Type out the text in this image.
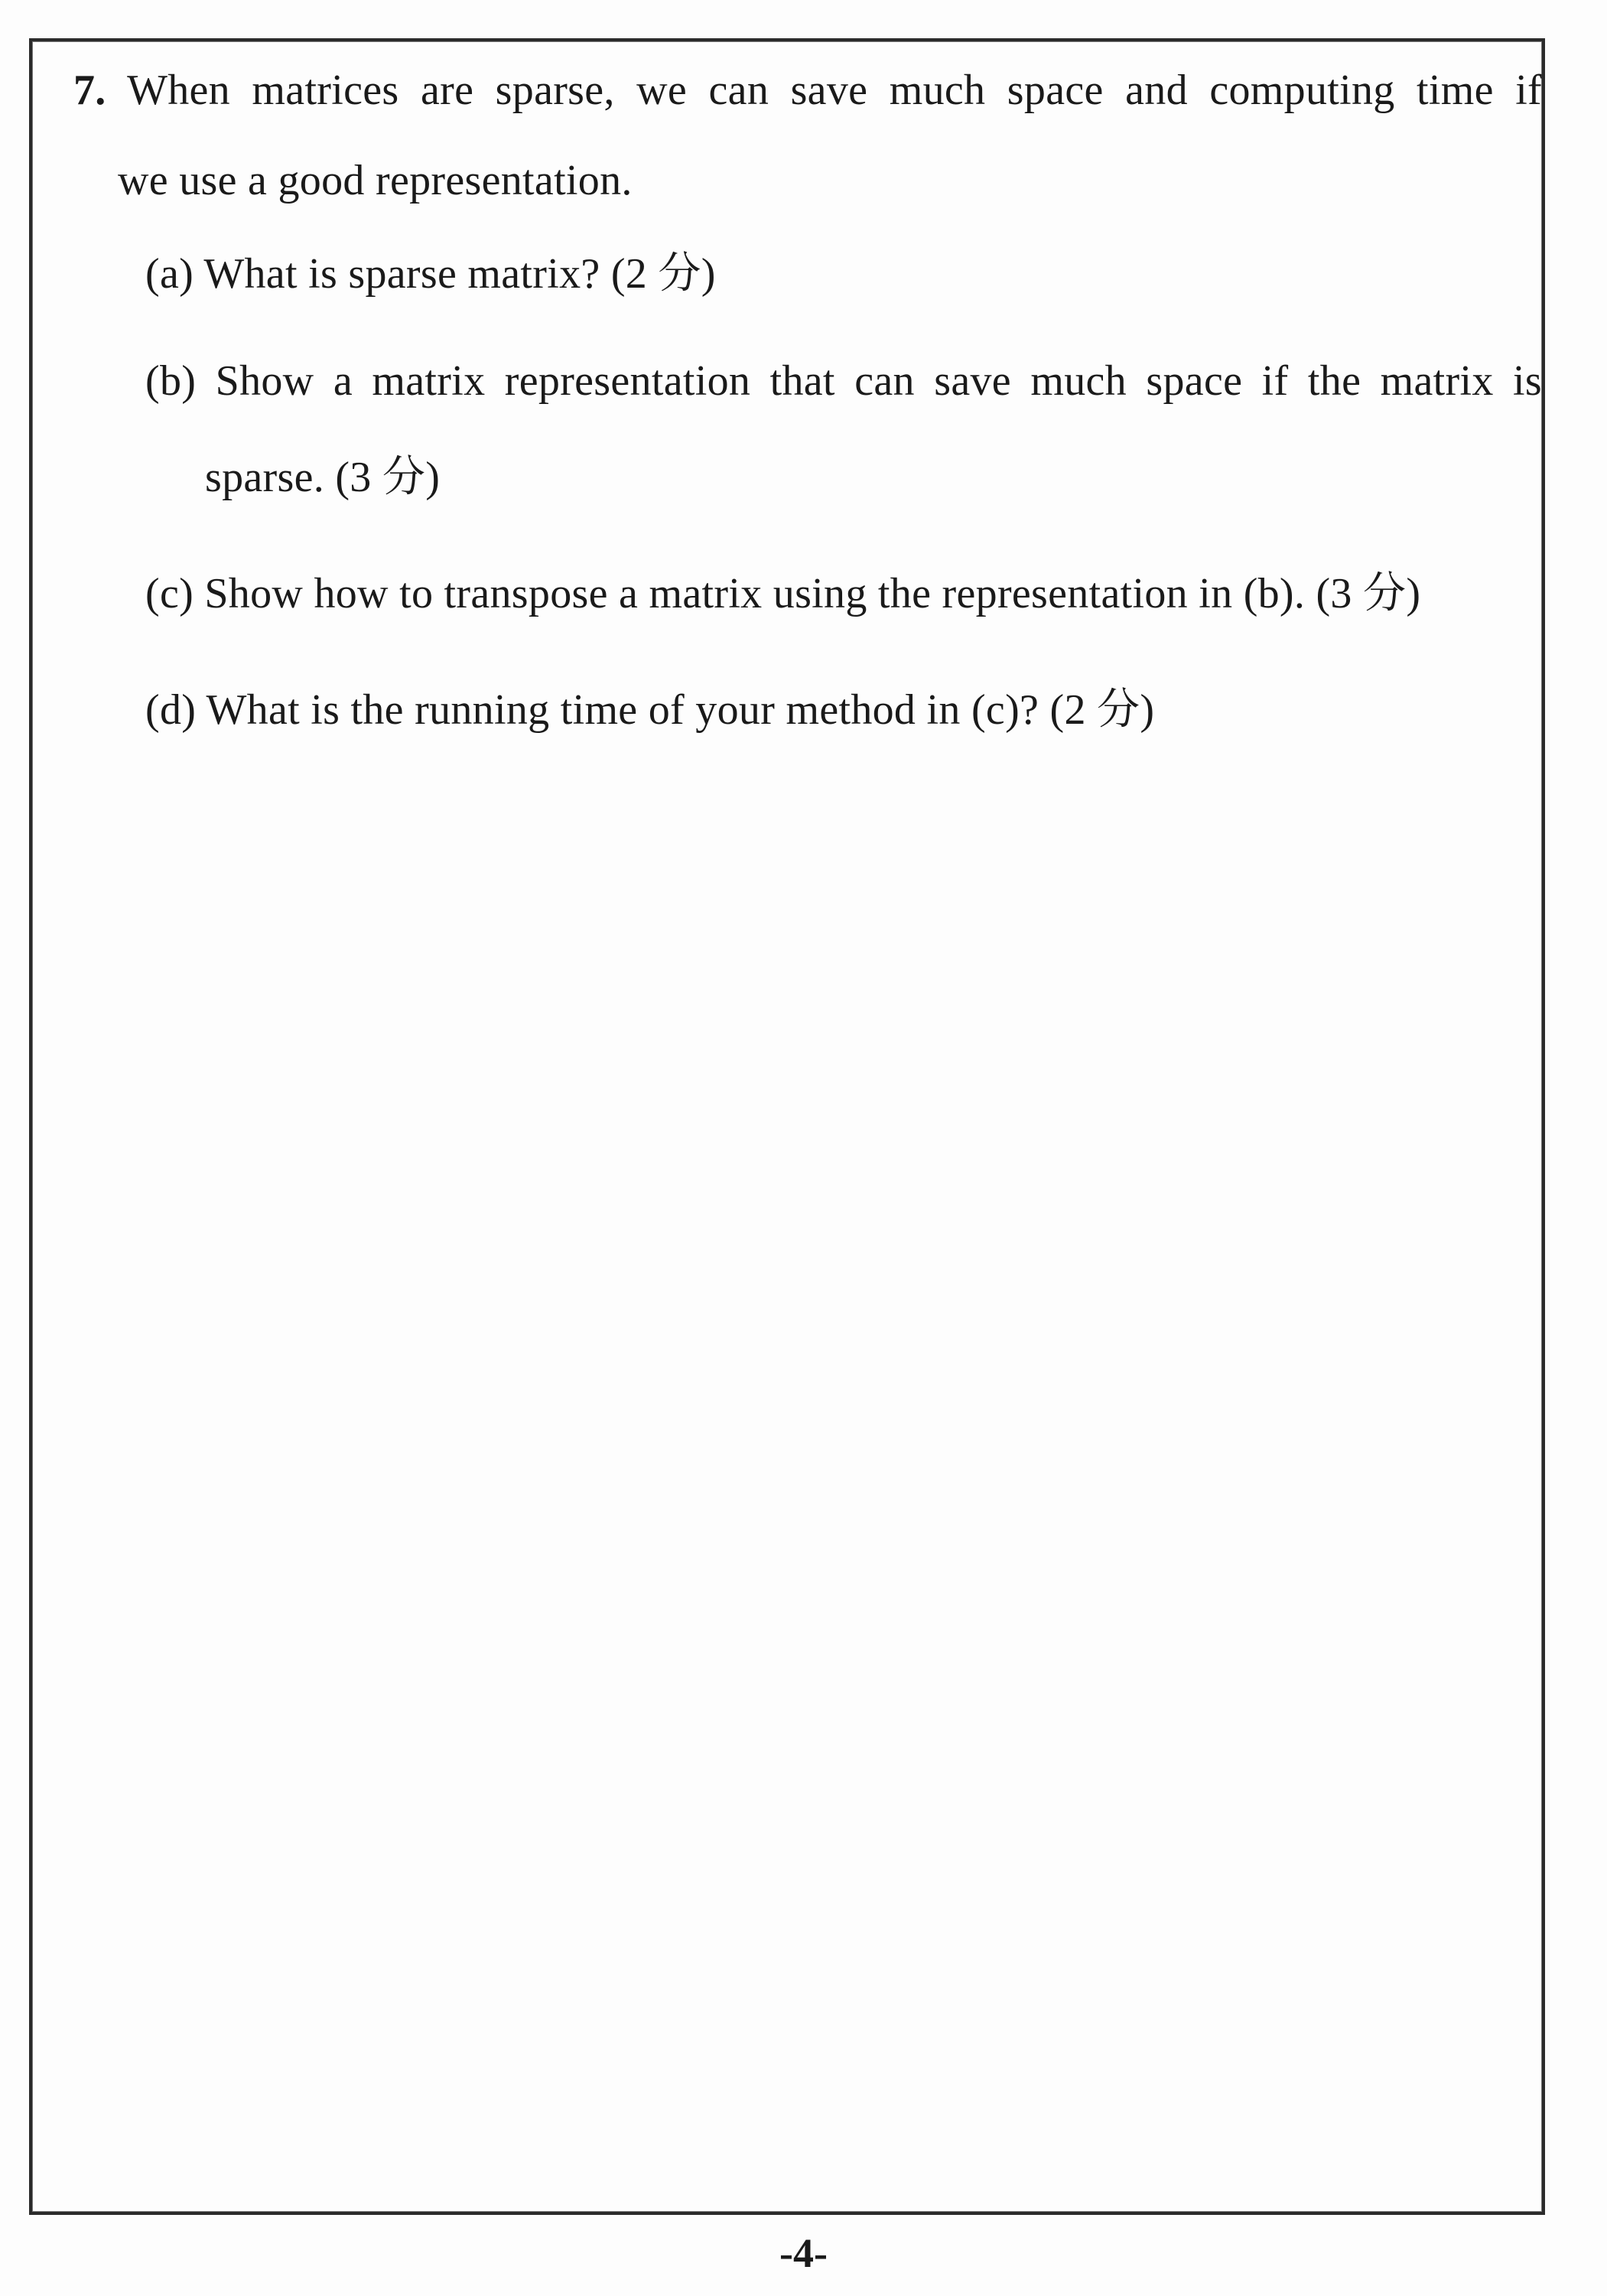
7. When matrices are sparse, we can save much space and computing time if
we use a good representation.
(a) What is sparse matrix? (2 分)
(b) Show a matrix representation that can save much space if the matrix is
sparse. (3 分)
(c) Show how to transpose a matrix using the representation in (b). (3 分)
(d) What is the running time of your method in (c)? (2 分)
-4-
